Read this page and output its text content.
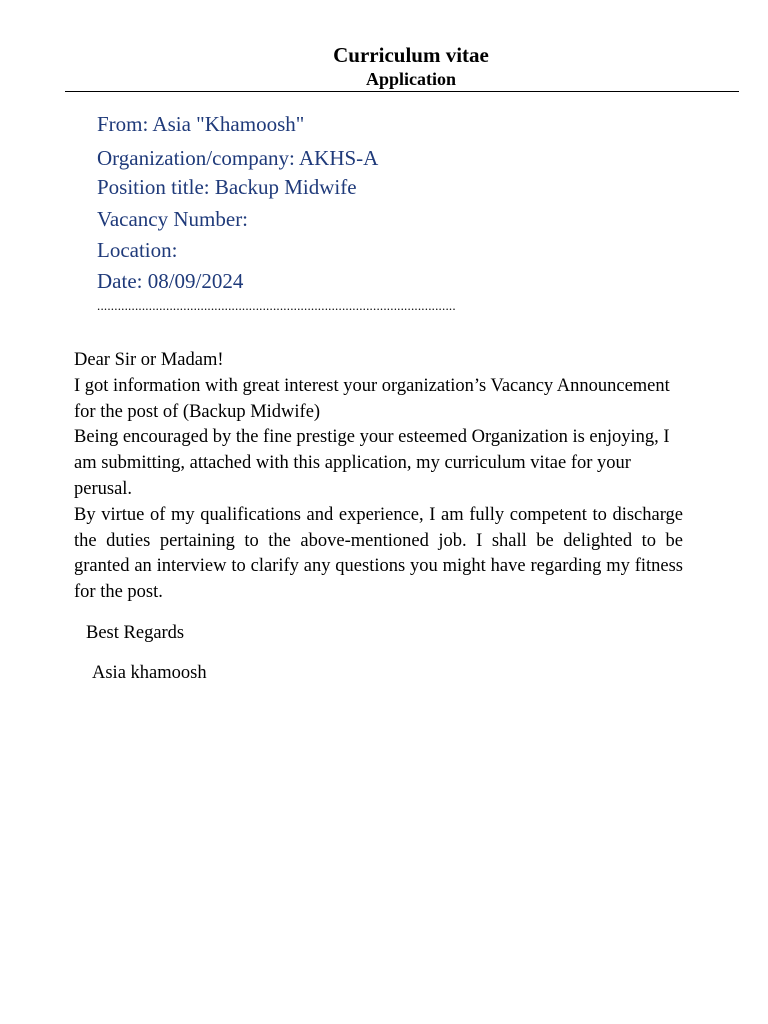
Curriculum vitae
Application
From: Asia "Khamoosh"
Organization/company: AKHS-A
Position title: Backup Midwife
Vacancy Number:
Location:
Date: 08/09/2024
........................................................................................................

Dear Sir or Madam!

I got information with great interest your organization’s Vacancy Announcement for the post of (Backup Midwife)

Being encouraged by the fine prestige your esteemed Organization is enjoying, I am submitting, attached with this application, my curriculum vitae for your perusal.

By virtue of my qualifications and experience, I am fully competent to discharge the duties pertaining to the above-mentioned job. I shall be delighted to be granted an interview to clarify any questions you might have regarding my fitness for the post.

Best Regards
Asia khamoosh
